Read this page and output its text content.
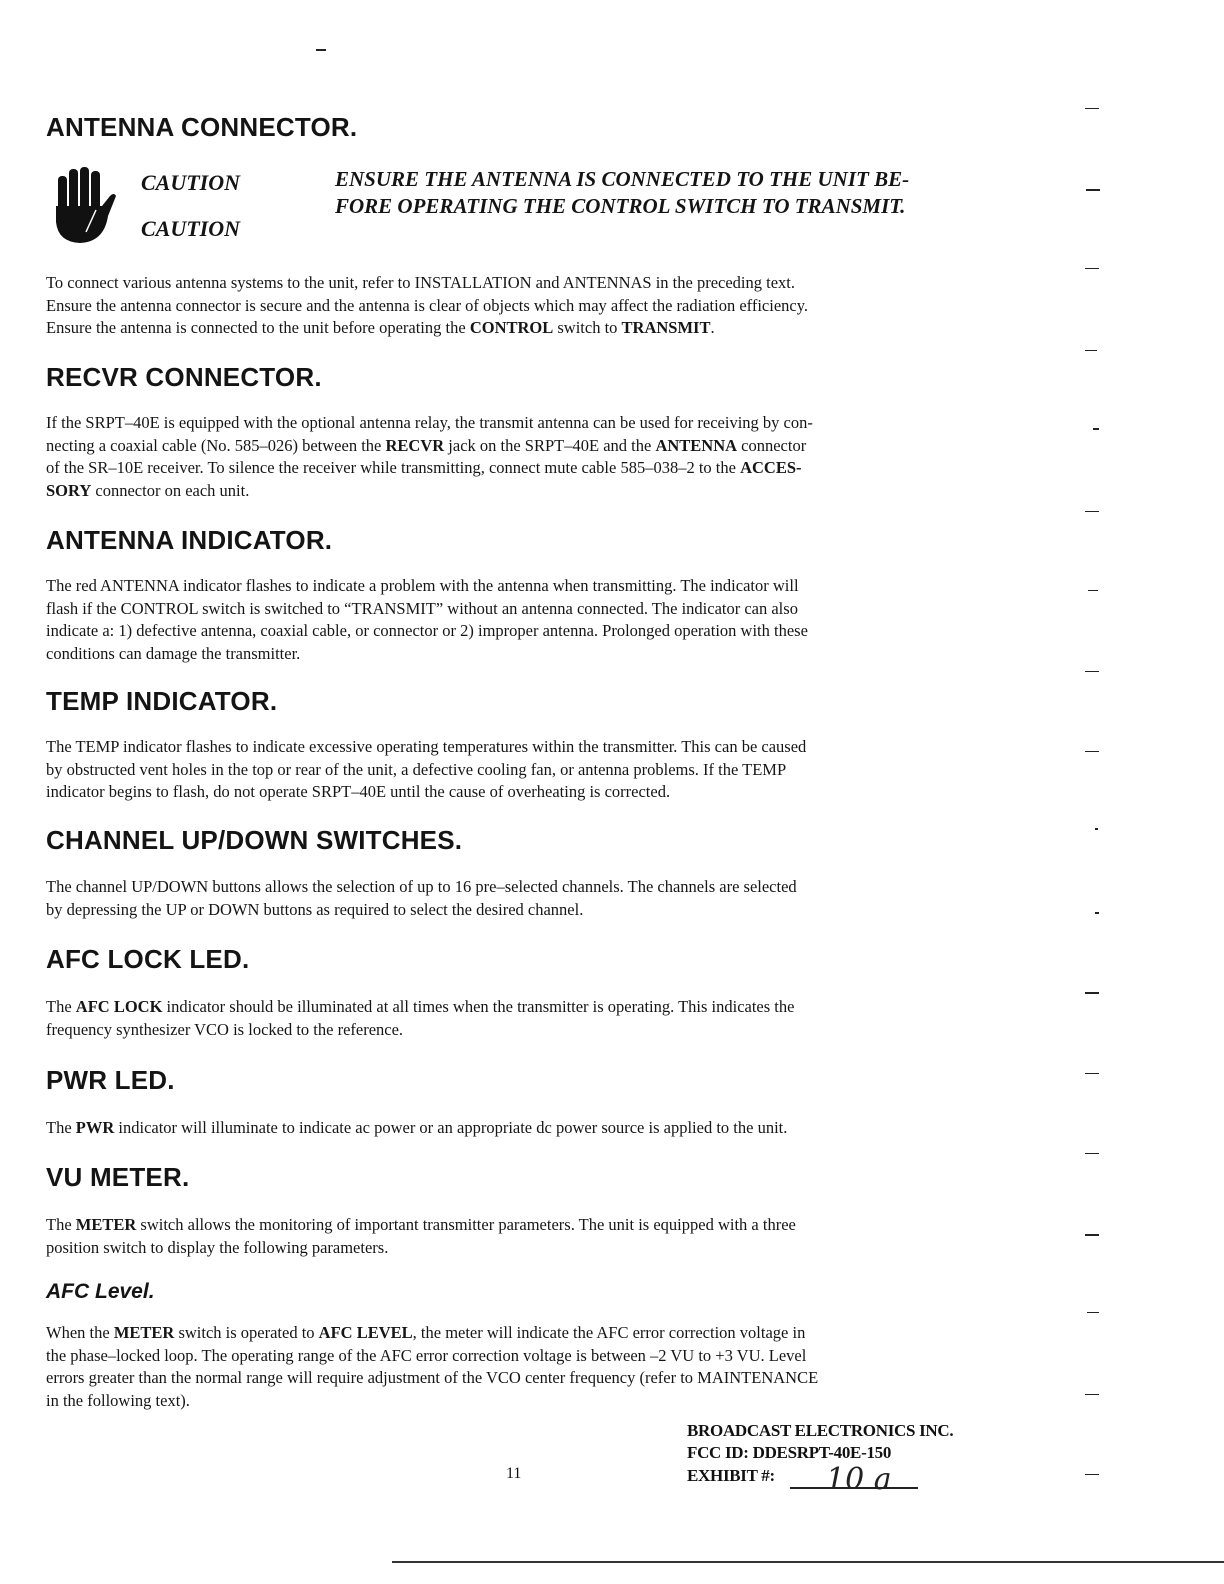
ANTENNA CONNECTOR.
CAUTION
CAUTION
ENSURE THE ANTENNA IS CONNECTED TO THE UNIT BE-
FORE OPERATING THE CONTROL SWITCH TO TRANSMIT.
To connect various antenna systems to the unit, refer to INSTALLATION and ANTENNAS in the preceding text.
Ensure the antenna connector is secure and the antenna is clear of objects which may affect the radiation efficiency.
Ensure the antenna is connected to the unit before operating the CONTROL switch to TRANSMIT.
RECVR CONNECTOR.
If the SRPT–40E is equipped with the optional antenna relay, the transmit antenna can be used for receiving by con-
necting a coaxial cable (No. 585–026) between the RECVR jack on the SRPT–40E and the ANTENNA connector
of the SR–10E receiver. To silence the receiver while transmitting, connect mute cable 585–038–2 to the ACCES-
SORY connector on each unit.
ANTENNA INDICATOR.
The red ANTENNA indicator flashes to indicate a problem with the antenna when transmitting. The indicator will
flash if the CONTROL switch is switched to “TRANSMIT” without an antenna connected. The indicator can also
indicate a: 1) defective antenna, coaxial cable, or connector or 2) improper antenna. Prolonged operation with these
conditions can damage the transmitter.
TEMP INDICATOR.
The TEMP indicator flashes to indicate excessive operating temperatures within the transmitter. This can be caused
by obstructed vent holes in the top or rear of the unit, a defective cooling fan, or antenna problems. If the TEMP
indicator begins to flash, do not operate SRPT–40E until the cause of overheating is corrected.
CHANNEL UP/DOWN SWITCHES.
The channel UP/DOWN buttons allows the selection of up to 16 pre–selected channels. The channels are selected
by depressing the UP or DOWN buttons as required to select the desired channel.
AFC LOCK LED.
The AFC LOCK indicator should be illuminated at all times when the transmitter is operating. This indicates the
frequency synthesizer VCO is locked to the reference.
PWR LED.
The PWR indicator will illuminate to indicate ac power or an appropriate dc power source is applied to the unit.
VU METER.
The METER switch allows the monitoring of important transmitter parameters. The unit is equipped with a three
position switch to display the following parameters.
AFC Level.
When the METER switch is operated to AFC LEVEL, the meter will indicate the AFC error correction voltage in
the phase–locked loop. The operating range of the AFC error correction voltage is between –2 VU to +3 VU. Level
errors greater than the normal range will require adjustment of the VCO center frequency (refer to MAINTENANCE
in the following text).
11
BROADCAST ELECTRONICS INC.
FCC ID: DDESRPT-40E-150
EXHIBIT #: 10 a
